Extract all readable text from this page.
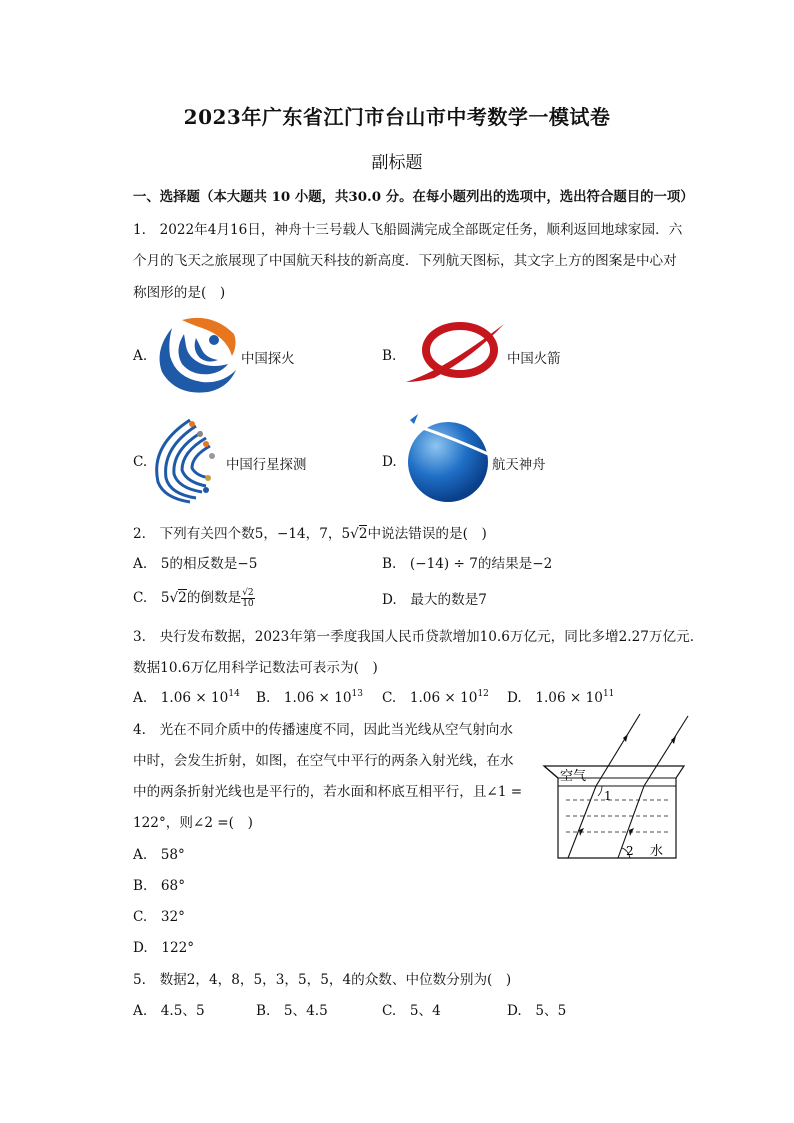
2023年广东省江门市台山市中考数学一模试卷
副标题
一、选择题（本大题共 10 小题，共30.0 分。在每小题列出的选项中，选出符合题目的一项）
1.　2022年4月16日，神舟十三号载人飞船圆满完成全部既定任务，顺利返回地球家园．六
个月的飞天之旅展现了中国航天科技的新高度．下列航天图标，其文字上方的图案是中心对
称图形的是(　)
A.	中国探火	B.	中国火箭
C.	中国行星探测	D.	航天神舟
2.　下列有关四个数5，−14，7，5√2中说法错误的是(　)
A.　5的相反数是−5	B.　(−14) ÷ 7的结果是−2
C.　5√2的倒数是 $\frac{√2}{10}$	D.　最大的数是7
3.　央行发布数据，2023年第一季度我国人民币贷款增加10.6万亿元，同比多增2.27万亿元.
数据10.6万亿用科学记数法可表示为(　)
A.　$1.06 \times 10^{14}$ B.　$1.06 \times 10^{13}$ C.　$1.06 \times 10^{12}$ D.　$1.06 \times 10^{11}$
4.　光在不同介质中的传播速度不同，因此当光线从空气射向水
中时，会发生折射，如图，在空气中平行的两条入射光线，在水
中的两条折射光线也是平行的，若水面和杯底互相平行，且∠1 =
122°，则∠2 =(　)
A.　58°
B.　68°
C.　32°
D.　122°
空气
1
2 水
5.　数据2，4，8，5，3，5，5，4的众数、中位数分别为(　)
A.　4.5、5	B.　5、4.5	C.　5、4	D.　5、5
